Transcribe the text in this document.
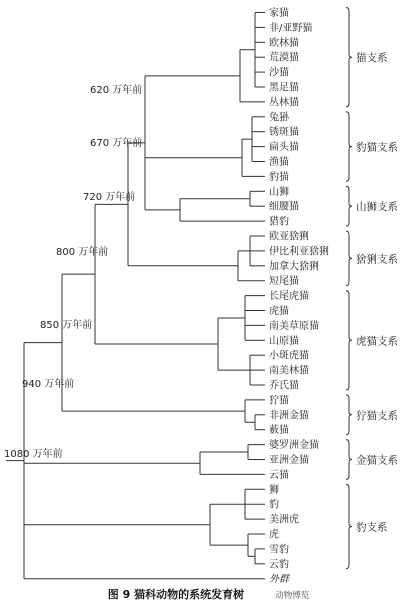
家猫
非/亚野猫
欧林猫
荒漠猫
沙猫
黑足猫
丛林猫
兔狲
锈斑猫
扁头猫
渔猫
豹猫
山狮
细腰猫
猎豹
欧亚猞猁
伊比利亚猞猁
加拿大猞猁
短尾猫
长尾虎猫
虎猫
南美草原猫
山原猫
小斑虎猫
南美林猫
乔氏猫
狞猫
非洲金猫
薮猫
婆罗洲金猫
亚洲金猫
云猫
狮
豹
美洲虎
虎
雪豹
云豹
外群
620 万年前
670 万年前
720 万年前
800 万年前
850 万年前
940 万年前
1080 万年前
猫支系
豹猫支系
山狮支系
猞猁支系
虎猫支系
狞猫支系
金猫支系
豹支系
图 9 猫科动物的系统发育树	动物博览
